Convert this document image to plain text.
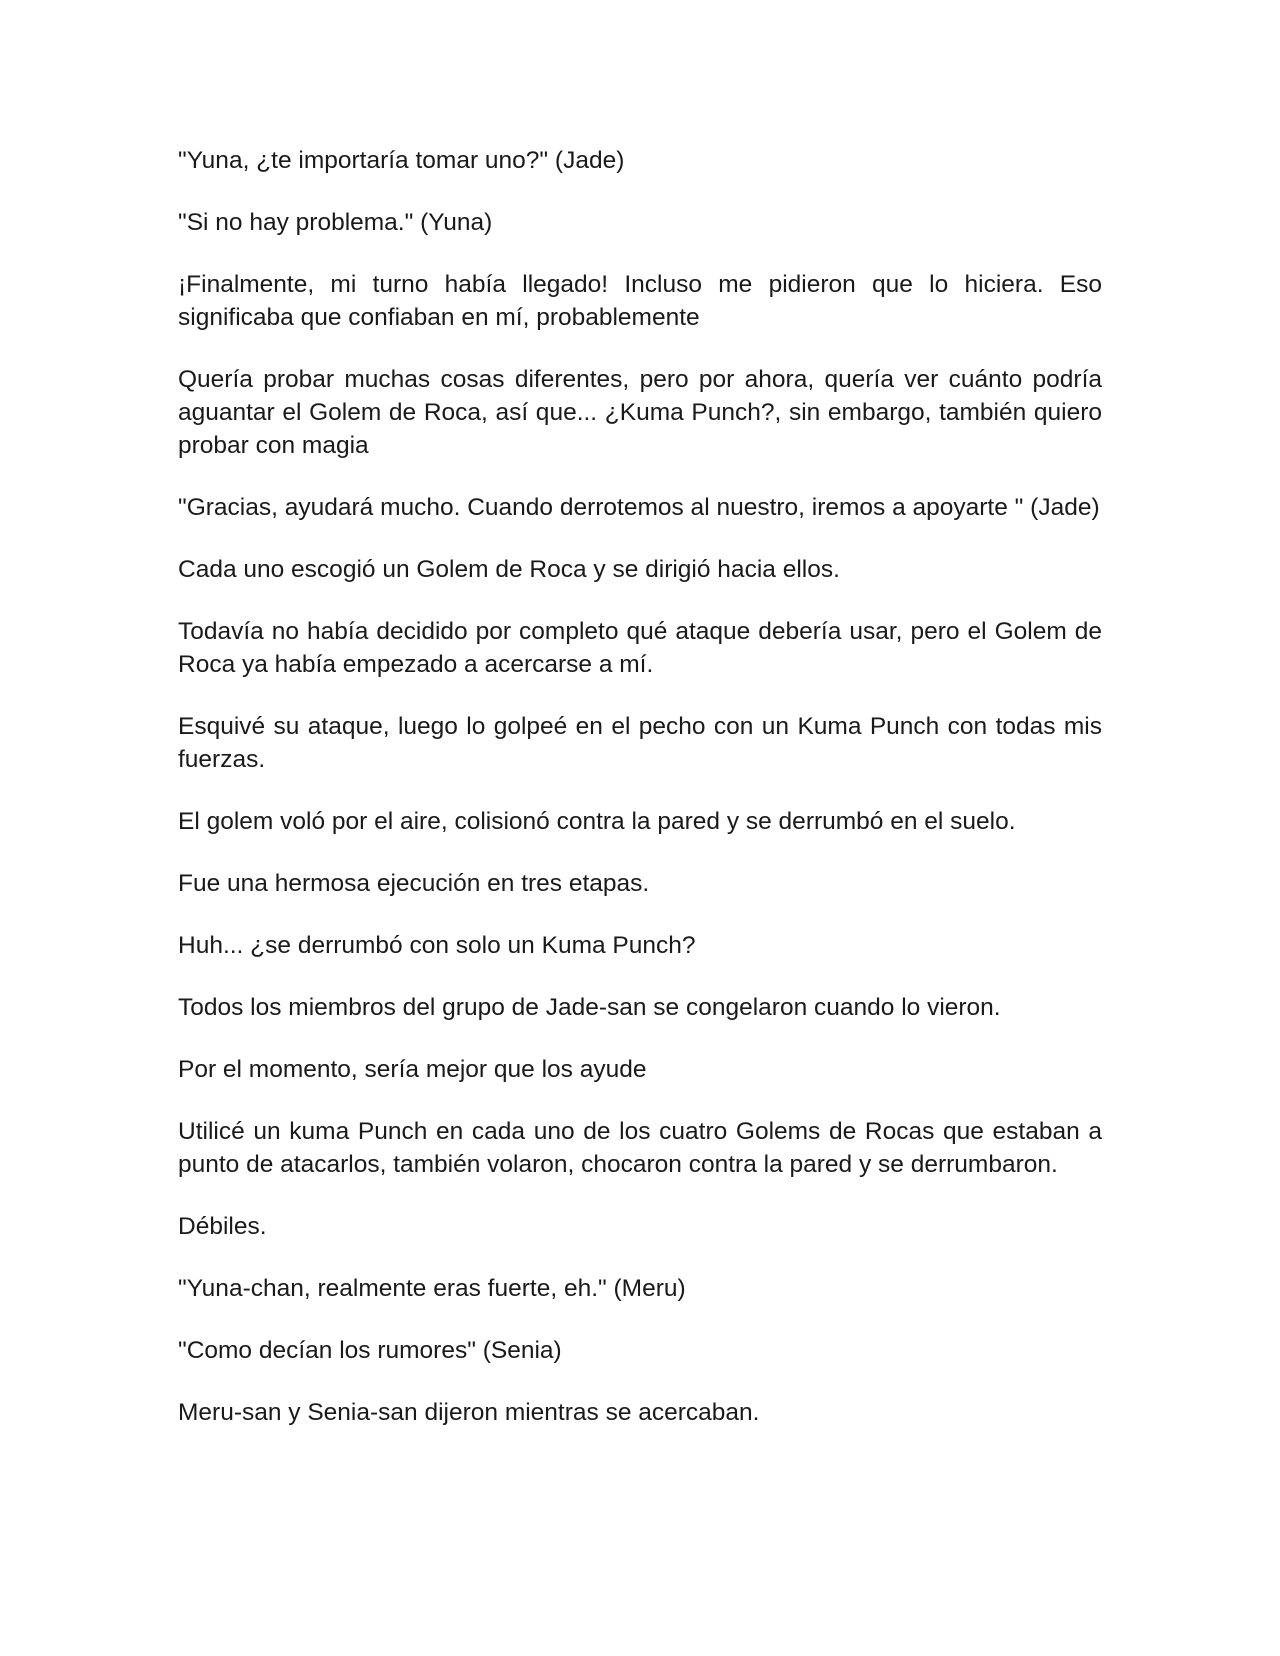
"Yuna, ¿te importaría tomar uno?" (Jade)

"Si no hay problema." (Yuna)

¡Finalmente, mi turno había llegado! Incluso me pidieron que lo hiciera. Eso significaba que confiaban en mí, probablemente

Quería probar muchas cosas diferentes, pero por ahora, quería ver cuánto podría aguantar el Golem de Roca, así que... ¿Kuma Punch?, sin embargo, también quiero probar con magia

"Gracias, ayudará mucho. Cuando derrotemos al nuestro, iremos a apoyarte " (Jade)

Cada uno escogió un Golem de Roca y se dirigió hacia ellos.

Todavía no había decidido por completo qué ataque debería usar, pero el Golem de Roca ya había empezado a acercarse a mí.

Esquivé su ataque, luego lo golpeé en el pecho con un Kuma Punch con todas mis fuerzas.

El golem voló por el aire, colisionó contra la pared y se derrumbó en el suelo.

Fue una hermosa ejecución en tres etapas.

Huh... ¿se derrumbó con solo un Kuma Punch?

Todos los miembros del grupo de Jade-san se congelaron cuando lo vieron.

Por el momento, sería mejor que los ayude

Utilicé un kuma Punch en cada uno de los cuatro Golems de Rocas que estaban a punto de atacarlos, también volaron, chocaron contra la pared y se derrumbaron.

Débiles.

"Yuna-chan, realmente eras fuerte, eh." (Meru)

"Como decían los rumores" (Senia)

Meru-san y Senia-san dijeron mientras se acercaban.
